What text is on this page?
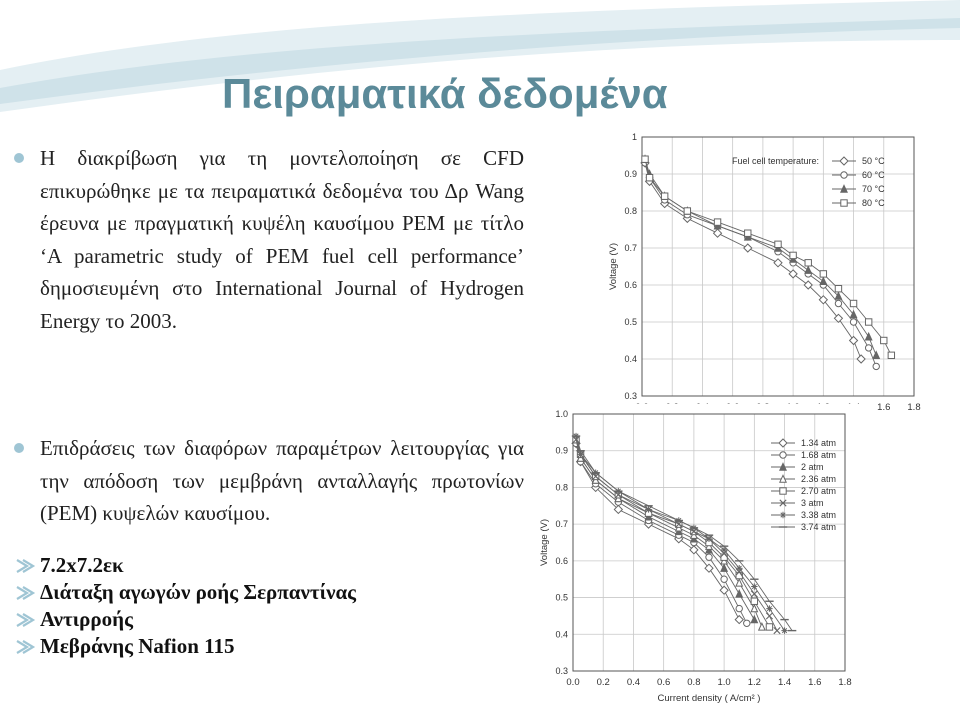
Πειραματικά δεδομένα
Η διακρίβωση για τη μοντελοποίηση σε CFD επικυρώθηκε με τα πειραματικά δεδομένα του Δρ Wang έρευνα με πραγματική κυψέλη καυσίμου PEM με τίτλο ‘A parametric study of PEM fuel cell performance’ δημοσιευμένη στο International Journal of Hydrogen Energy το 2003.
Επιδράσεις των διαφόρων παραμέτρων λειτουργίας για την απόδοση των μεμβράνη ανταλλαγής πρωτονίων (PEM) κυψελών καυσίμου.
7.2x7.2εκ
Διάταξη αγωγών ροής Σερπαντίνας
Αντιρροής
Μεβράνης Nafion 115
1.6 1.8
0.3
0.4
0.5
0.6
0.7
0.8
0.9
1
Voltage (V)
Fuel cell temperature:	50 °C
60 °C
70 °C
80 °C
0.0 0.2 0.4 0.6 0.8 1.0 1.2 1.4 1.6 1.8
0.3
0.4
0.5
0.6
0.7
0.8
0.9
1.0
Current density ( A/cm² )
Voltage (V)
1.34 atm
1.68 atm
2 atm
2.36 atm
2.70 atm
3 atm
3.38 atm
3.74 atm
